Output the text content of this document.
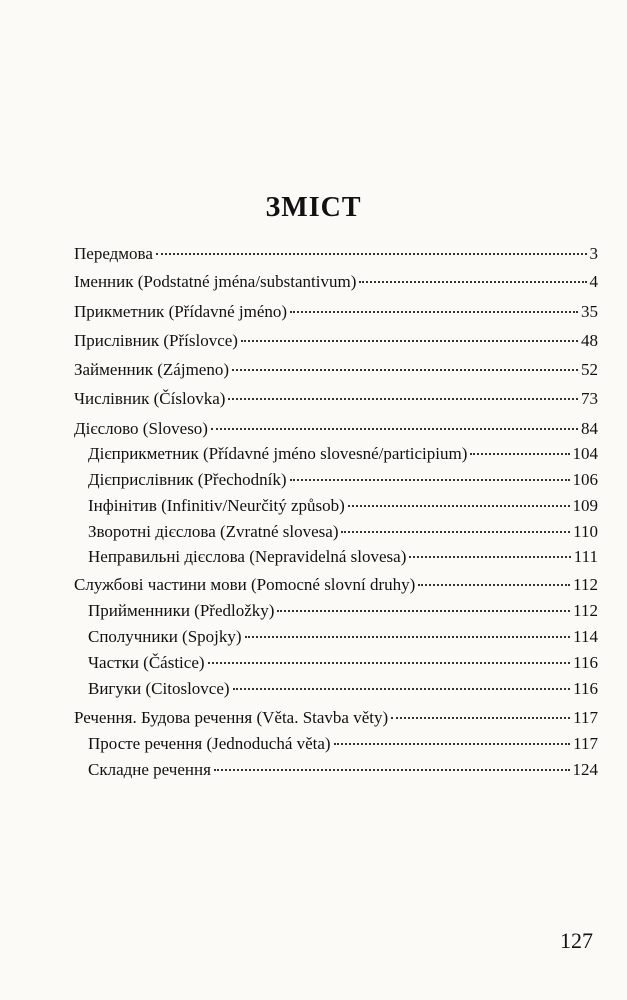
ЗМІСТ
Передмова	3
Іменник (Podstatné jména/substantivum)	4
Прикметник (Přídavné jméno)	35
Прислівник (Příslovce)	48
Займенник (Zájmeno)	52
Числівник (Číslovka)	73
Дієслово (Sloveso)	84
Дієприкметник (Přídavné jméno slovesné/participium)	104
Дієприслівник (Přechodník)	106
Інфінітив (Infinitiv/Neurčitý způsob)	109
Зворотні дієслова (Zvratné slovesa)	110
Неправильні дієслова (Nepravidelná slovesa)	111
Службові частини мови (Pomocné slovní druhy)	112
Прийменники (Předložky)	112
Сполучники (Spojky)	114
Частки (Částice)	116
Вигуки (Citoslovce)	116
Речення. Будова речення (Věta. Stavba věty)	117
Просте речення (Jednoduchá věta)	117
Складне речення	124
127
